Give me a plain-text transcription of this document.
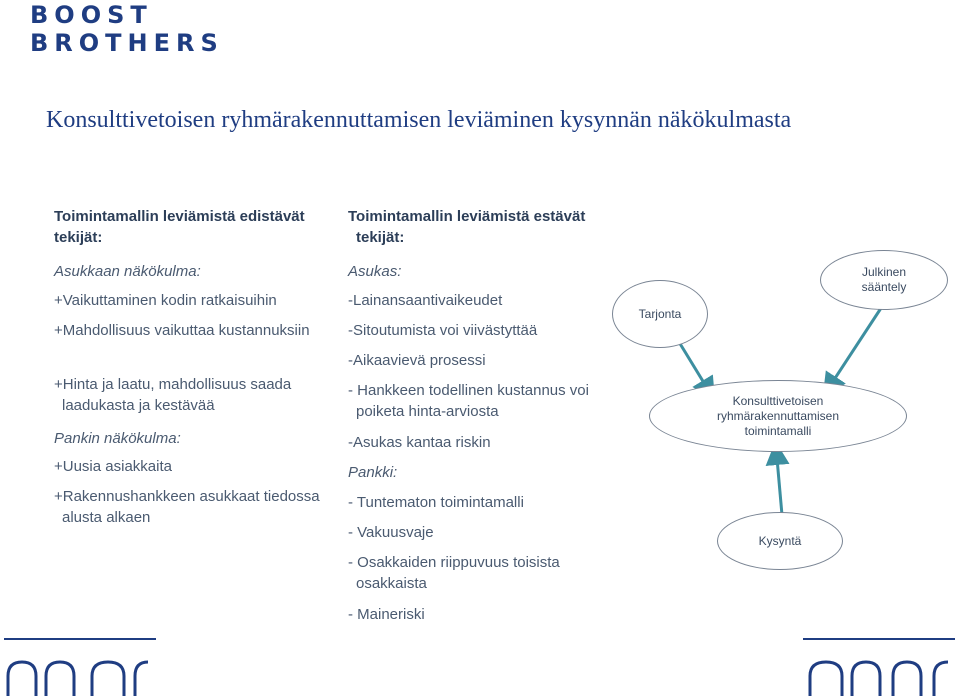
BOOST
BROTHERS
Konsulttivetoisen ryhmärakennuttamisen leviäminen kysynnän näkökulmasta
Toimintamallin leviämistä edistävät tekijät:
Asukkaan näkökulma:
+Vaikuttaminen kodin ratkaisuihin
+Mahdollisuus vaikuttaa kustannuksiin
+Hinta ja laatu, mahdollisuus saada laadukasta ja kestävää
Pankin näkökulma:
+Uusia asiakkaita
+Rakennushankkeen asukkaat tiedossa alusta alkaen
Toimintamallin leviämistä estävät tekijät:
Asukas:
-Lainansaantivaikeudet
-Sitoutumista voi viivästyttää
-Aikaavievä prosessi
- Hankkeen todellinen kustannus voi poiketa hinta-arviosta
-Asukas kantaa riskin
Pankki:
- Tuntematon toimintamalli
- Vakuusvaje
- Osakkaiden riippuvuus toisista osakkaista
- Maineriski
Tarjonta
Julkinen sääntely
Konsulttivetoisen ryhmärakennuttamisen toimintamalli
Kysyntä
